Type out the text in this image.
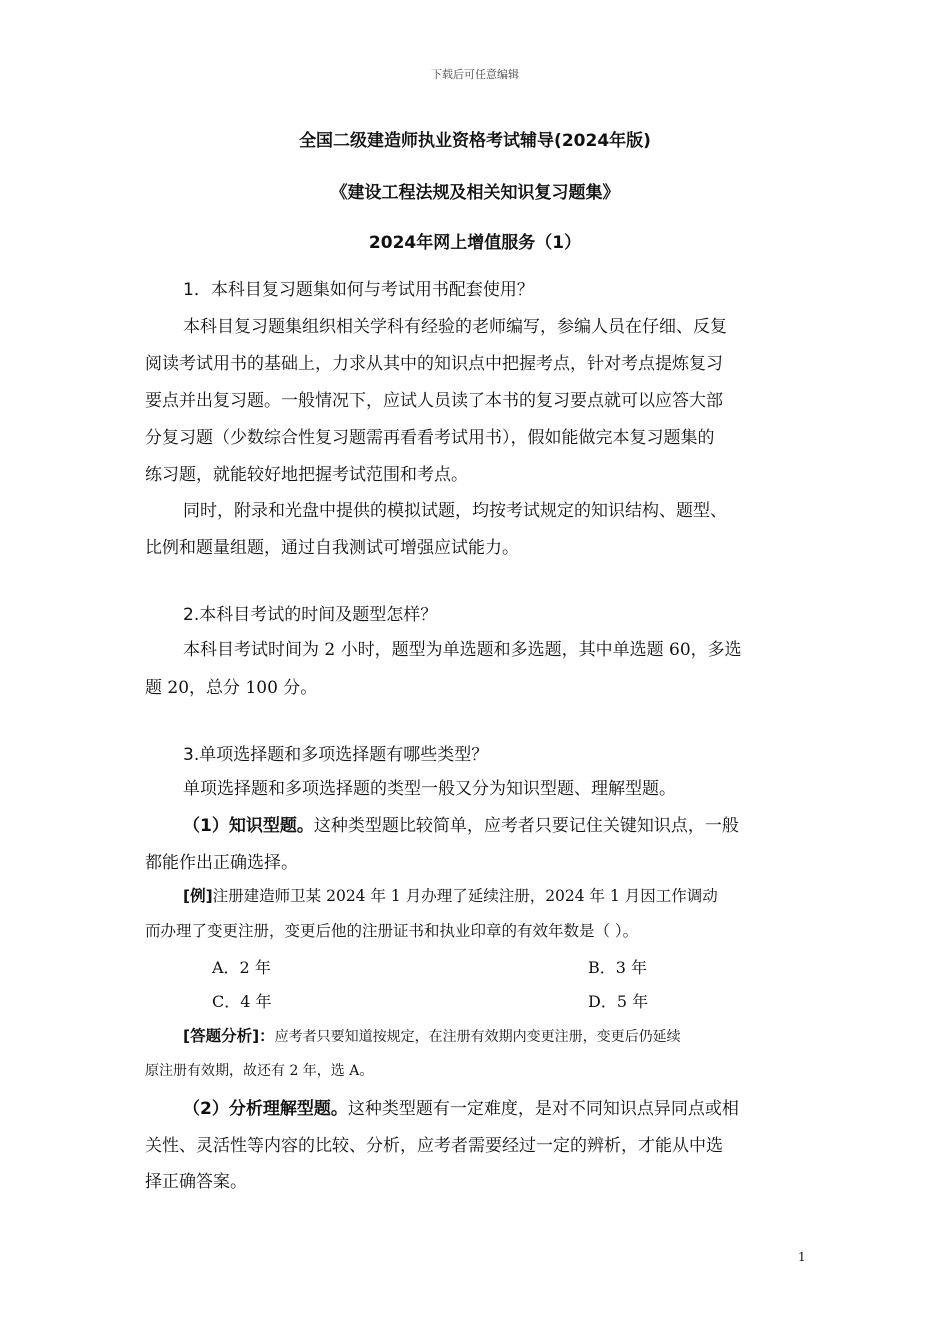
下载后可任意编辑
全国二级建造师执业资格考试辅导(2024年版)
《建设工程法规及相关知识复习题集》
2024年网上增值服务（1）
1．本科目复习题集如何与考试用书配套使用？
本科目复习题集组织相关学科有经验的老师编写，参编人员在仔细、反复
阅读考试用书的基础上，力求从其中的知识点中把握考点，针对考点提炼复习
要点并出复习题。一般情况下，应试人员读了本书的复习要点就可以应答大部
分复习题（少数综合性复习题需再看看考试用书），假如能做完本复习题集的
练习题，就能较好地把握考试范围和考点。
同时，附录和光盘中提供的模拟试题，均按考试规定的知识结构、题型、
比例和题量组题，通过自我测试可增强应试能力。
2.本科目考试的时间及题型怎样？
本科目考试时间为 2 小时，题型为单选题和多选题，其中单选题 60，多选
题 20，总分 100 分。
3.单项选择题和多项选择题有哪些类型？
单项选择题和多项选择题的类型一般又分为知识型题、理解型题。
（1）知识型题。这种类型题比较简单，应考者只要记住关键知识点，一般
都能作出正确选择。
[例]注册建造师卫某 2024 年 1 月办理了延续注册，2024 年 1 月因工作调动
而办理了变更注册，变更后他的注册证书和执业印章的有效年数是（ ）。
A．2 年	B．3 年
C．4 年	D．5 年
[答题分析]：应考者只要知道按规定，在注册有效期内变更注册，变更后仍延续
原注册有效期，故还有 2 年，选 A。
（2）分析理解型题。这种类型题有一定难度，是对不同知识点异同点或相
关性、灵活性等内容的比较、分析，应考者需要经过一定的辨析，才能从中选
择正确答案。
1
